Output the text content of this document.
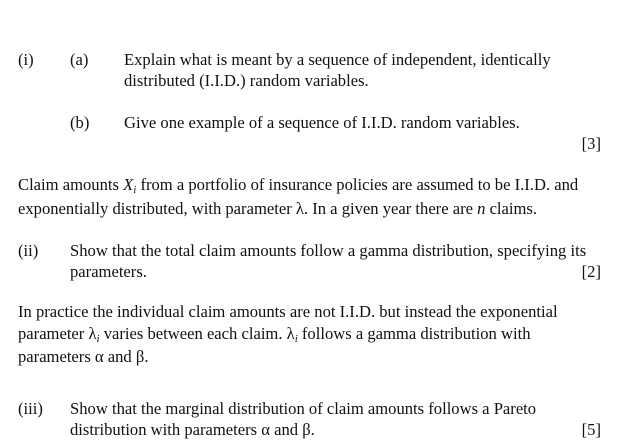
(i) (a) Explain what is meant by a sequence of independent, identically
distributed (I.I.D.) random variables.
(b) Give one example of a sequence of I.I.D. random variables.
[3]
Claim amounts $X_i$ from a portfolio of insurance policies are assumed to be I.I.D. and
exponentially distributed, with parameter λ. In a given year there are n claims.
(ii) Show that the total claim amounts follow a gamma distribution, specifying its
parameters.	[2]
In practice the individual claim amounts are not I.I.D. but instead the exponential
parameter $\lambda_i$ varies between each claim. $\lambda_i$ follows a gamma distribution with
parameters α and β.
(iii) Show that the marginal distribution of claim amounts follows a Pareto
distribution with parameters α and β.	[5]
